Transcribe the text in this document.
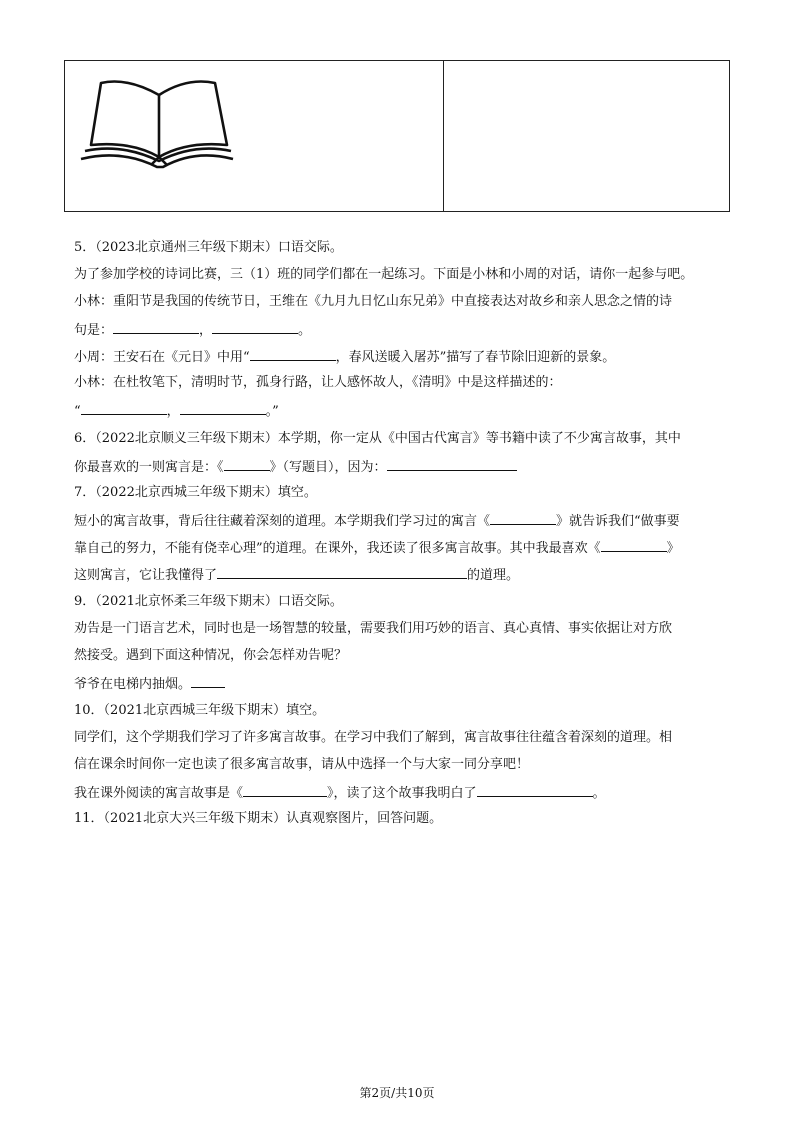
5．（2023北京通州三年级下期末）口语交际。
为了参加学校的诗词比赛，三（1）班的同学们都在一起练习。下面是小林和小周的对话，请你一起参与吧。
小林：重阳节是我国的传统节日，王维在《九月九日忆山东兄弟》中直接表达对故乡和亲人思念之情的诗
句是：	，	。
小周：王安石在《元日》中用“	，春风送暖入屠苏”描写了春节除旧迎新的景象。
小林：在杜牧笔下，清明时节，孤身行路，让人感怀故人，《清明》中是这样描述的：
“	，	。”
6．（2022北京顺义三年级下期末）本学期，你一定从《中国古代寓言》等书籍中读了不少寓言故事，其中
你最喜欢的一则寓言是：《	》（写题目），因为：
7．（2022北京西城三年级下期末）填空。
短小的寓言故事，背后往往藏着深刻的道理。本学期我们学习过的寓言《	》就告诉我们“做事要
靠自己的努力，不能有侥幸心理”的道理。在课外，我还读了很多寓言故事。其中我最喜欢《	》
这则寓言，它让我懂得了	的道理。
9．（2021北京怀柔三年级下期末）口语交际。
劝告是一门语言艺术，同时也是一场智慧的较量，需要我们用巧妙的语言、真心真情、事实依据让对方欣
然接受。遇到下面这种情况，你会怎样劝告呢？
爷爷在电梯内抽烟。
10．（2021北京西城三年级下期末）填空。
同学们，这个学期我们学习了许多寓言故事。在学习中我们了解到，寓言故事往往蕴含着深刻的道理。相
信在课余时间你一定也读了很多寓言故事，请从中选择一个与大家一同分享吧！
我在课外阅读的寓言故事是《	》，读了这个故事我明白了	。
11．（2021北京大兴三年级下期末）认真观察图片，回答问题。
第2页/共10页
